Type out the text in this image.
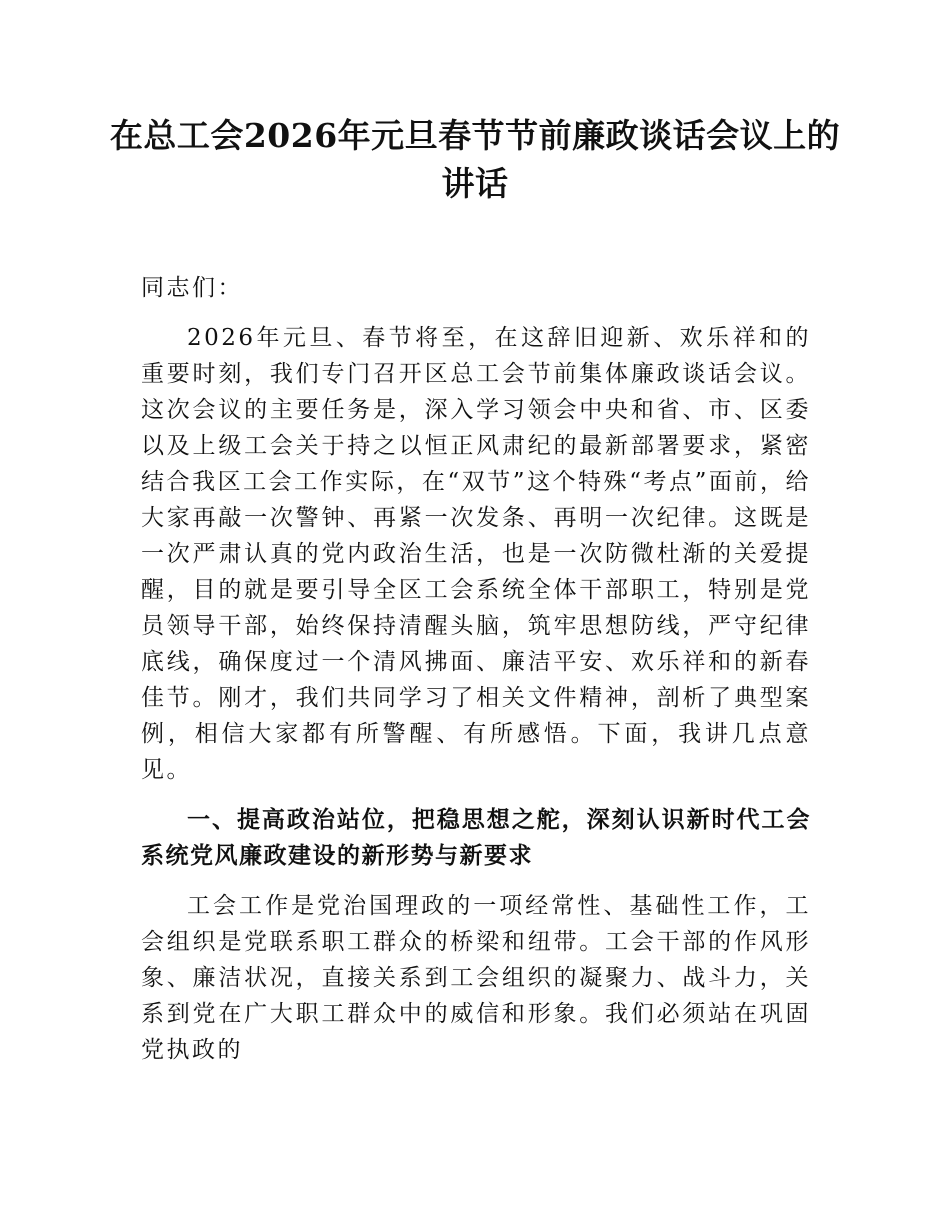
在总工会2026年元旦春节节前廉政谈话会议上的讲话

同志们：

2026年元旦、春节将至，在这辞旧迎新、欢乐祥和的重要时刻，我们专门召开区总工会节前集体廉政谈话会议。这次会议的主要任务是，深入学习领会中央和省、市、区委以及上级工会关于持之以恒正风肃纪的最新部署要求，紧密结合我区工会工作实际，在“双节”这个特殊“考点”面前，给大家再敲一次警钟、再紧一次发条、再明一次纪律。这既是一次严肃认真的党内政治生活，也是一次防微杜渐的关爱提醒，目的就是要引导全区工会系统全体干部职工，特别是党员领导干部，始终保持清醒头脑，筑牢思想防线，严守纪律底线，确保度过一个清风拂面、廉洁平安、欢乐祥和的新春佳节。刚才，我们共同学习了相关文件精神，剖析了典型案例，相信大家都有所警醒、有所感悟。下面，我讲几点意见。

一、提高政治站位，把稳思想之舵，深刻认识新时代工会系统党风廉政建设的新形势与新要求

工会工作是党治国理政的一项经常性、基础性工作，工会组织是党联系职工群众的桥梁和纽带。工会干部的作风形象、廉洁状况，直接关系到工会组织的凝聚力、战斗力，关系到党在广大职工群众中的威信和形象。我们必须站在巩固党执政的
